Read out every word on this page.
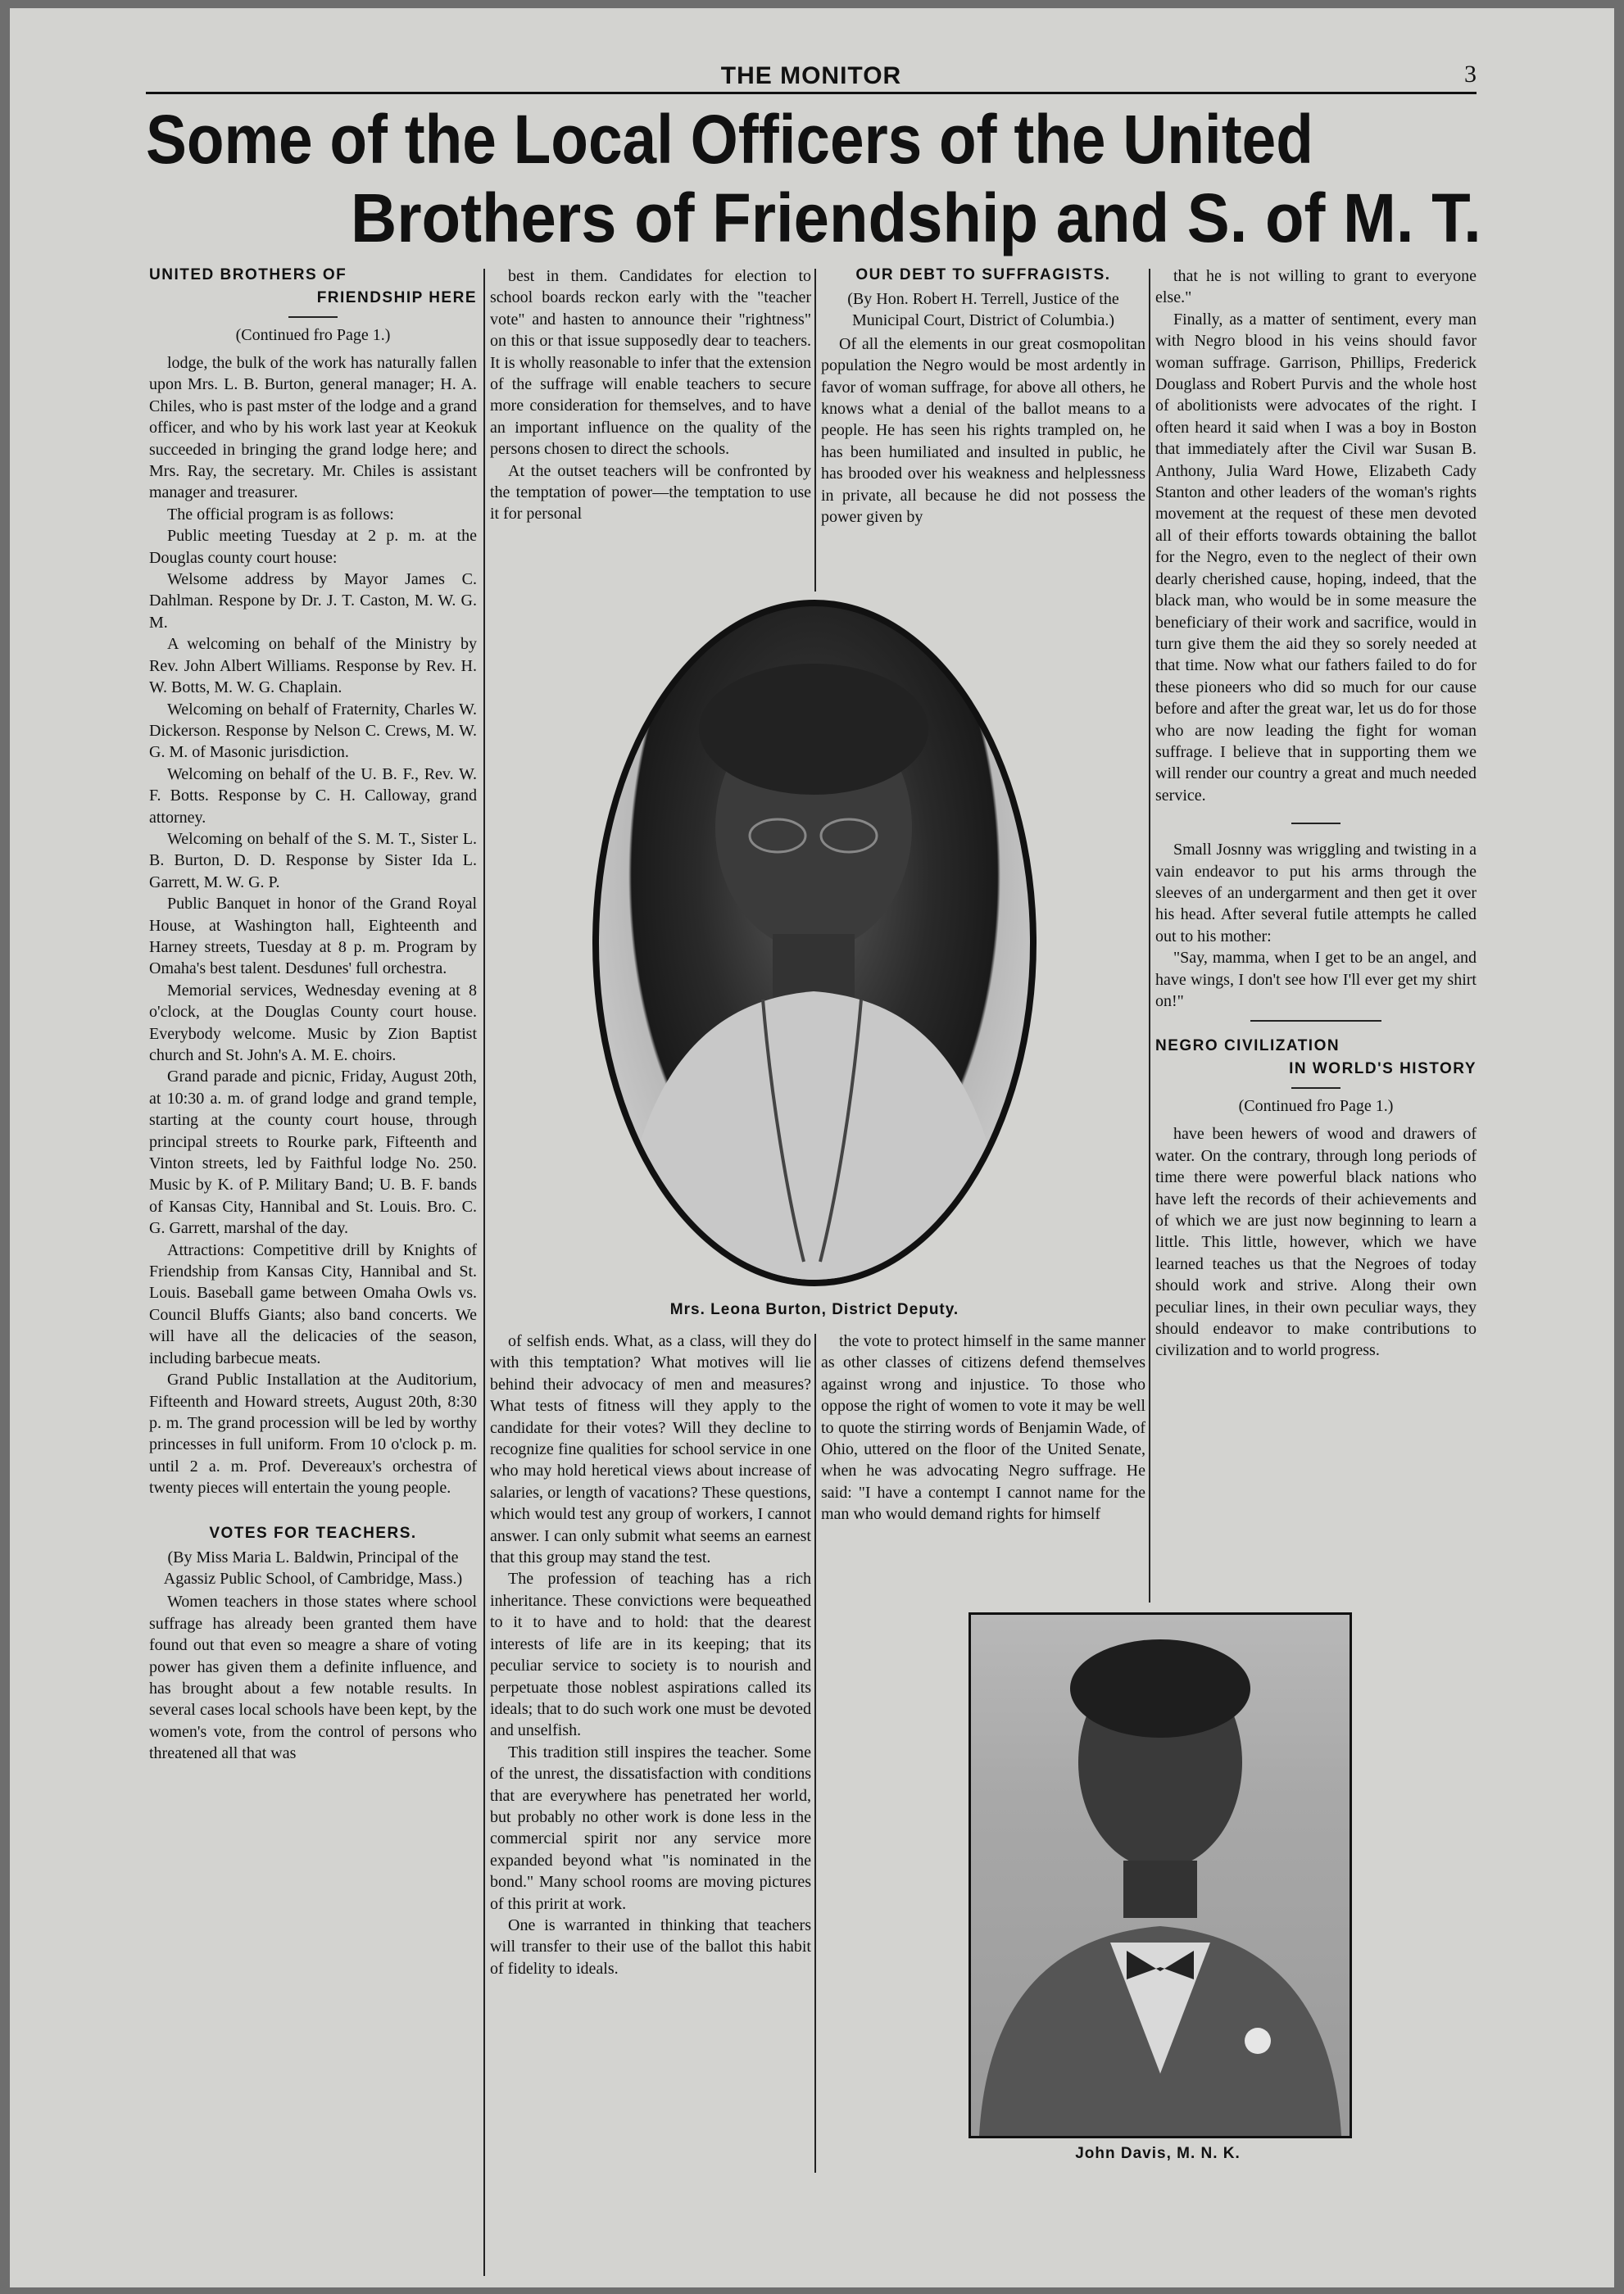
THE MONITOR	3
Some of the Local Officers of the United
Brothers of Friendship and S. of M. T.
UNITED BROTHERS OF
FRIENDSHIP HERE
(Continued fro Page 1.)

lodge, the bulk of the work has naturally fallen upon Mrs. L. B. Burton, general manager; H. A. Chiles, who is past mster of the lodge and a grand officer, and who by his work last year at Keokuk succeeded in bringing the grand lodge here; and Mrs. Ray, the secretary. Mr. Chiles is assistant manager and treasurer.

The official program is as follows:

Public meeting Tuesday at 2 p. m. at the Douglas county court house:

Welsome address by Mayor James C. Dahlman. Respone by Dr. J. T. Caston, M. W. G. M.

A welcoming on behalf of the Ministry by Rev. John Albert Williams. Response by Rev. H. W. Botts, M. W. G. Chaplain.

Welcoming on behalf of Fraternity, Charles W. Dickerson. Response by Nelson C. Crews, M. W. G. M. of Masonic jurisdiction.

Welcoming on behalf of the U. B. F., Rev. W. F. Botts. Response by C. H. Calloway, grand attorney.

Welcoming on behalf of the S. M. T., Sister L. B. Burton, D. D. Response by Sister Ida L. Garrett, M. W. G. P.

Public Banquet in honor of the Grand Royal House, at Washington hall, Eighteenth and Harney streets, Tuesday at 8 p. m. Program by Omaha's best talent. Desdunes' full orchestra.

Memorial services, Wednesday evening at 8 o'clock, at the Douglas County court house. Everybody welcome. Music by Zion Baptist church and St. John's A. M. E. choirs.

Grand parade and picnic, Friday, August 20th, at 10:30 a. m. of grand lodge and grand temple, starting at the county court house, through principal streets to Rourke park, Fifteenth and Vinton streets, led by Faithful lodge No. 250. Music by K. of P. Military Band; U. B. F. bands of Kansas City, Hannibal and St. Louis. Bro. C. G. Garrett, marshal of the day.

Attractions: Competitive drill by Knights of Friendship from Kansas City, Hannibal and St. Louis. Baseball game between Omaha Owls vs. Council Bluffs Giants; also band concerts. We will have all the delicacies of the season, including barbecue meats.

Grand Public Installation at the Auditorium, Fifteenth and Howard streets, August 20th, 8:30 p. m. The grand procession will be led by worthy princesses in full uniform. From 10 o'clock p. m. until 2 a. m. Prof. Devereaux's orchestra of twenty pieces will entertain the young people.

VOTES FOR TEACHERS.
(By Miss Maria L. Baldwin, Principal of the Agassiz Public School, of Cambridge, Mass.)

Women teachers in those states where school suffrage has already been granted them have found out that even so meagre a share of voting power has given them a definite influence, and has brought about a few notable results. In several cases local schools have been kept, by the women's vote, from the control of persons who threatened all that was

best in them. Candidates for election to school boards reckon early with the "teacher vote" and hasten to announce their "rightness" on this or that issue supposedly dear to teachers. It is wholly reasonable to infer that the extension of the suffrage will enable teachers to secure more consideration for themselves, and to have an important influence on the quality of the persons chosen to direct the schools.

At the outset teachers will be confronted by the temptation of power—the temptation to use it for personal

OUR DEBT TO SUFFRAGISTS.
(By Hon. Robert H. Terrell, Justice of the Municipal Court, District of Columbia.)

Of all the elements in our great cosmopolitan population the Negro would be most ardently in favor of woman suffrage, for above all others, he knows what a denial of the ballot means to a people. He has seen his rights trampled on, he has been humiliated and insulted in public, he has brooded over his weakness and helplessness in private, all because he did not possess the power given by

that he is not willing to grant to everyone else."

Finally, as a matter of sentiment, every man with Negro blood in his veins should favor woman suffrage. Garrison, Phillips, Frederick Douglass and Robert Purvis and the whole host of abolitionists were advocates of the right. I often heard it said when I was a boy in Boston that immediately after the Civil war Susan B. Anthony, Julia Ward Howe, Elizabeth Cady Stanton and other leaders of the woman's rights movement at the request of these men devoted all of their efforts towards obtaining the ballot for the Negro, even to the neglect of their own dearly cherished cause, hoping, indeed, that the black man, who would be in some measure the beneficiary of their work and sacrifice, would in turn give them the aid they so sorely needed at that time. Now what our fathers failed to do for these pioneers who did so much for our cause before and after the great war, let us do for those who are now leading the fight for woman suffrage. I believe that in supporting them we will render our country a great and much needed service.

Small Josnny was wriggling and twisting in a vain endeavor to put his arms through the sleeves of an undergarment and then get it over his head. After several futile attempts he called out to his mother:

"Say, mamma, when I get to be an angel, and have wings, I don't see how I'll ever get my shirt on!"

NEGRO CIVILIZATION
IN WORLD'S HISTORY
(Continued fro Page 1.)

have been hewers of wood and drawers of water. On the contrary, through long periods of time there were powerful black nations who have left the records of their achievements and of which we are just now beginning to learn a little. This little, however, which we have learned teaches us that the Negroes of today should work and strive. Along their own peculiar lines, in their own peculiar ways, they should endeavor to make contributions to civilization and to world progress.

Mrs. Leona Burton, District Deputy.

of selfish ends. What, as a class, will they do with this temptation? What motives will lie behind their advocacy of men and measures? What tests of fitness will they apply to the candidate for their votes? Will they decline to recognize fine qualities for school service in one who may hold heretical views about increase of salaries, or length of vacations? These questions, which would test any group of workers, I cannot answer. I can only submit what seems an earnest that this group may stand the test.

The profession of teaching has a rich inheritance. These convictions were bequeathed to it to have and to hold: that the dearest interests of life are in its keeping; that its peculiar service to society is to nourish and perpetuate those noblest aspirations called its ideals; that to do such work one must be devoted and unselfish.

This tradition still inspires the teacher. Some of the unrest, the dissatisfaction with conditions that are everywhere has penetrated her world, but probably no other work is done less in the commercial spirit nor any service more expanded beyond what "is nominated in the bond." Many school rooms are moving pictures of this pririt at work.

One is warranted in thinking that teachers will transfer to their use of the ballot this habit of fidelity to ideals.

the vote to protect himself in the same manner as other classes of citizens defend themselves against wrong and injustice. To those who oppose the right of women to vote it may be well to quote the stirring words of Benjamin Wade, of Ohio, uttered on the floor of the United Senate, when he was advocating Negro suffrage. He said: "I have a contempt I cannot name for the man who would demand rights for himself

John Davis, M. N. K.
